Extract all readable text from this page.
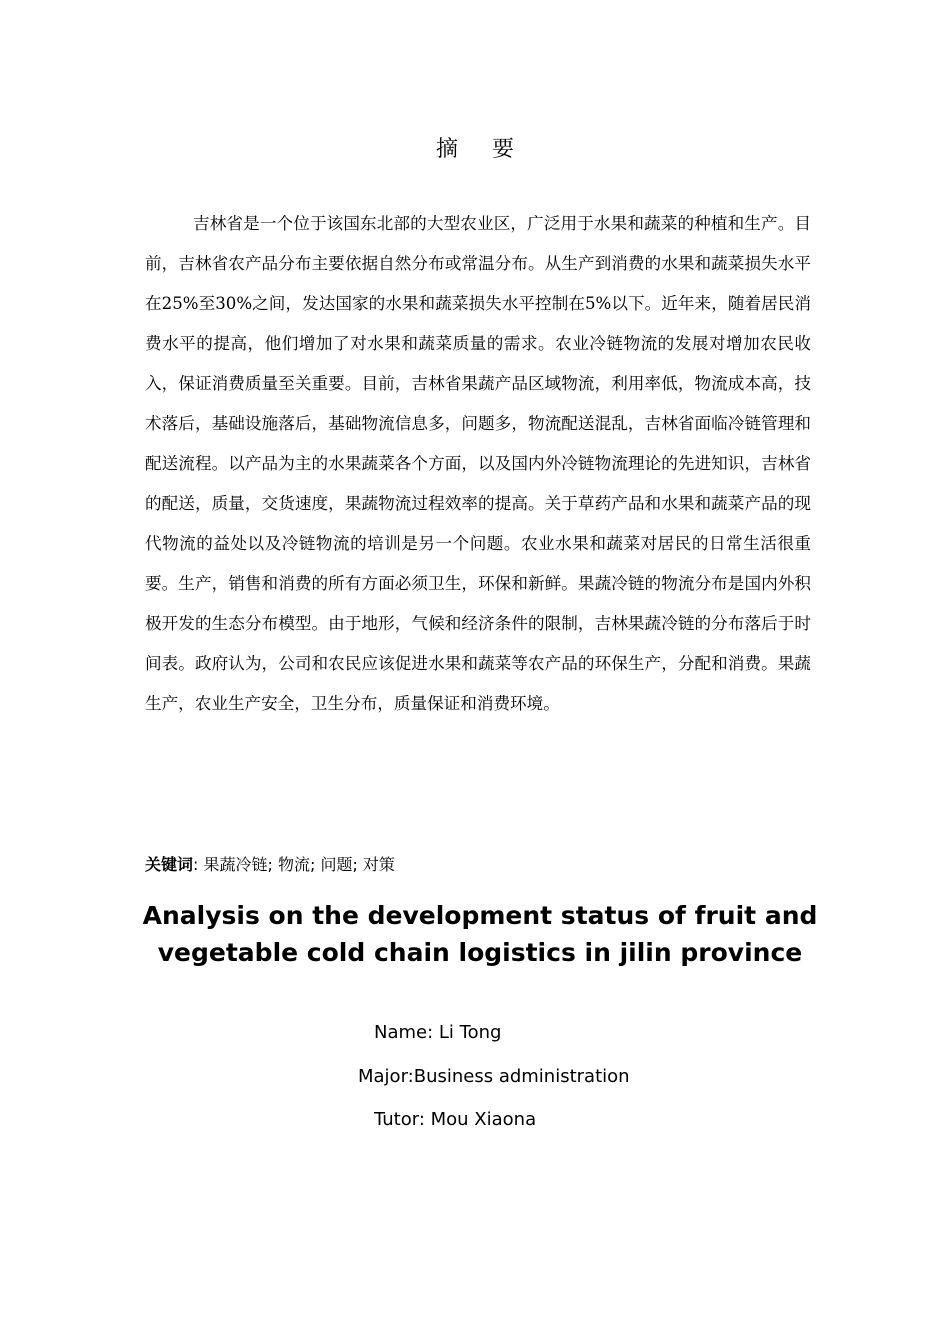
摘要

吉林省是一个位于该国东北部的大型农业区，广泛用于水果和蔬菜的种植和生产。目前，吉林省农产品分布主要依据自然分布或常温分布。从生产到消费的水果和蔬菜损失水平在25%至30%之间，发达国家的水果和蔬菜损失水平控制在5%以下。近年来，随着居民消费水平的提高，他们增加了对水果和蔬菜质量的需求。农业冷链物流的发展对增加农民收入，保证消费质量至关重要。目前，吉林省果蔬产品区域物流，利用率低，物流成本高，技术落后，基础设施落后，基础物流信息多，问题多，物流配送混乱，吉林省面临冷链管理和配送流程。以产品为主的水果蔬菜各个方面，以及国内外冷链物流理论的先进知识，吉林省的配送，质量，交货速度，果蔬物流过程效率的提高。关于草药产品和水果和蔬菜产品的现代物流的益处以及冷链物流的培训是另一个问题。农业水果和蔬菜对居民的日常生活很重要。生产，销售和消费的所有方面必须卫生，环保和新鲜。果蔬冷链的物流分布是国内外积极开发的生态分布模型。由于地形，气候和经济条件的限制，吉林果蔬冷链的分布落后于时间表。政府认为，公司和农民应该促进水果和蔬菜等农产品的环保生产，分配和消费。果蔬生产，农业生产安全，卫生分布，质量保证和消费环境。

关键词: 果蔬冷链; 物流; 问题; 对策
Analysis on the development status of fruit and vegetable cold chain logistics in jilin province
Name: Li Tong
Major:Business administration
Tutor: Mou Xiaona
